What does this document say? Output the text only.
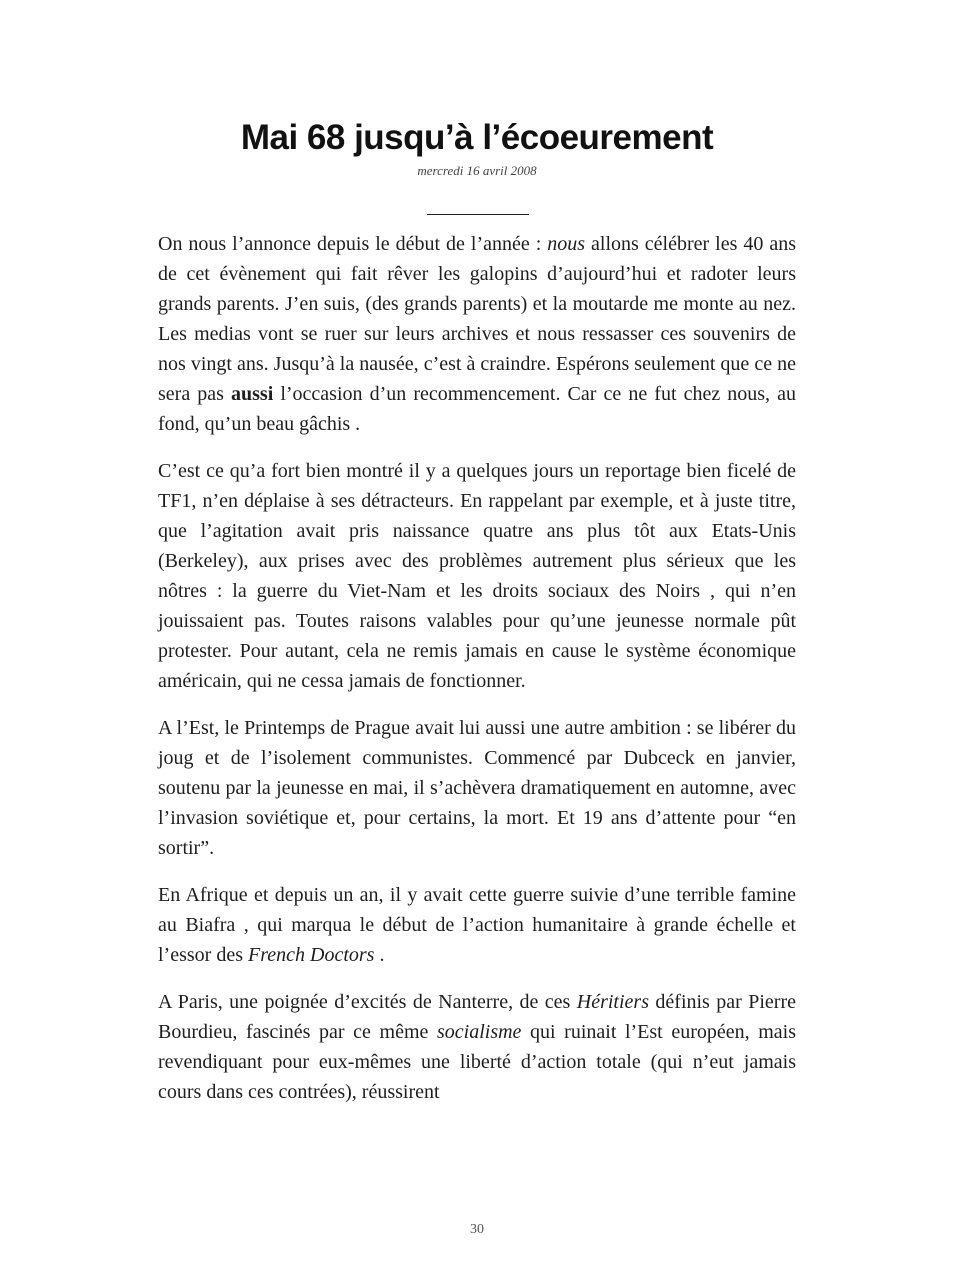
Mai 68 jusqu’à l’écoeurement
mercredi 16 avril 2008

On nous l’annonce depuis le début de l’année : nous allons célébrer les 40 ans de cet évènement qui fait rêver les galopins d’aujourd’hui et radoter leurs grands parents. J’en suis, (des grands parents) et la moutarde me monte au nez. Les medias vont se ruer sur leurs archives et nous ressasser ces souvenirs de nos vingt ans. Jusqu’à la nausée, c’est à craindre. Espérons seulement que ce ne sera pas aussi l’occasion d’un recommencement. Car ce ne fut chez nous, au fond, qu’un beau gâchis .

C’est ce qu’a fort bien montré il y a quelques jours un reportage bien ficelé de TF1, n’en déplaise à ses détracteurs. En rappelant par exemple, et à juste titre, que l’agitation avait pris naissance quatre ans plus tôt aux Etats-Unis (Berkeley), aux prises avec des problèmes autrement plus sérieux que les nôtres : la guerre du Viet-Nam et les droits sociaux des Noirs , qui n’en jouissaient pas. Toutes raisons valables pour qu’une jeunesse normale pût protester. Pour autant, cela ne remis jamais en cause le système économique américain, qui ne cessa jamais de fonctionner.

A l’Est, le Printemps de Prague avait lui aussi une autre ambition : se libérer du joug et de l’isolement communistes. Commencé par Dubceck en janvier, soutenu par la jeunesse en mai, il s’achèvera dramatiquement en automne, avec l’invasion soviétique et, pour certains, la mort. Et 19 ans d’attente pour “en sortir”.

En Afrique et depuis un an, il y avait cette guerre suivie d’une terrible famine au Biafra , qui marqua le début de l’action humanitaire à grande échelle et l’essor des French Doctors .

A Paris, une poignée d’excités de Nanterre, de ces Héritiers définis par Pierre Bourdieu, fascinés par ce même socialisme qui ruinait l’Est européen, mais revendiquant pour eux-mêmes une liberté d’action totale (qui n’eut jamais cours dans ces contrées), réussirent

30
